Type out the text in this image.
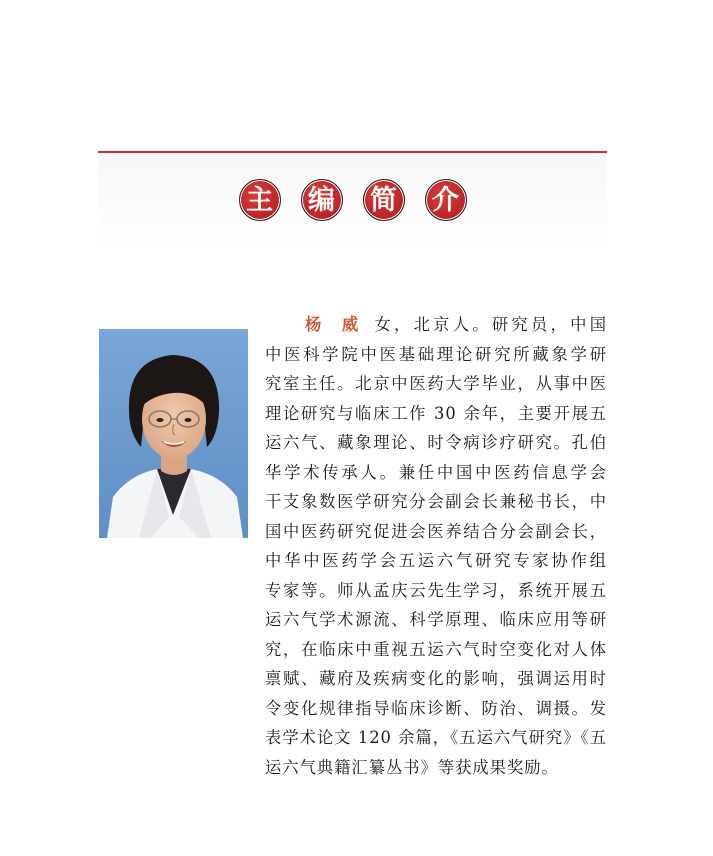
主 编 简 介
杨 威 女，北京人。研究员，中国
中医科学院中医基础理论研究所藏象学研
究室主任。北京中医药大学毕业，从事中医
理论研究与临床工作 30 余年，主要开展五
运六气、藏象理论、时令病诊疗研究。孔伯
华学术传承人。兼任中国中医药信息学会
干支象数医学研究分会副会长兼秘书长，中
国中医药研究促进会医养结合分会副会长，
中华中医药学会五运六气研究专家协作组
专家等。师从孟庆云先生学习，系统开展五
运六气学术源流、科学原理、临床应用等研
究，在临床中重视五运六气时空变化对人体
禀赋、藏府及疾病变化的影响，强调运用时
令变化规律指导临床诊断、防治、调摄。发
表学术论文 120 余篇，《五运六气研究》《五
运六气典籍汇纂丛书》等获成果奖励。
